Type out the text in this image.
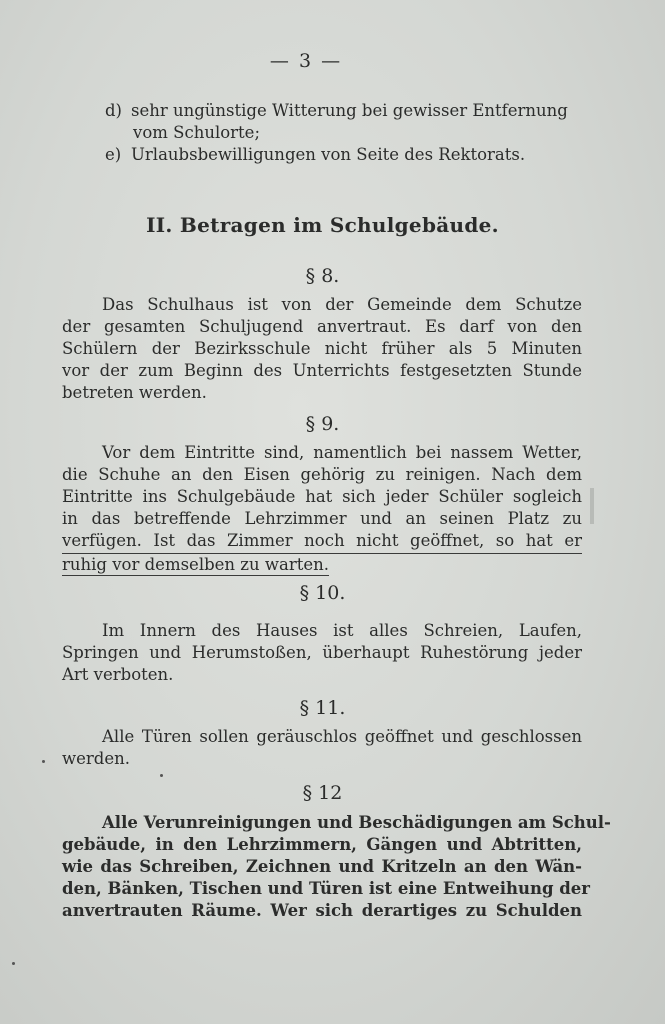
— 3 —
d) sehr ungünstige Witterung bei gewisser Entfernung
vom Schulorte;
e) Urlaubsbewilligungen von Seite des Rektorats.
II. Betragen im Schulgebäude.
§ 8.
Das Schulhaus ist von der Gemeinde dem Schutze
der gesamten Schuljugend anvertraut. Es darf von den
Schülern der Bezirksschule nicht früher als 5 Minuten
vor der zum Beginn des Unterrichts festgesetzten Stunde
betreten werden.
§ 9.
Vor dem Eintritte sind, namentlich bei nassem Wetter,
die Schuhe an den Eisen gehörig zu reinigen. Nach dem
Eintritte ins Schulgebäude hat sich jeder Schüler sogleich
in das betreffende Lehrzimmer und an seinen Platz zu
verfügen. Ist das Zimmer noch nicht geöffnet, so hat er
ruhig vor demselben zu warten.
§ 10.
Im Innern des Hauses ist alles Schreien, Laufen,
Springen und Herumstoßen, überhaupt Ruhestörung jeder
Art verboten.
§ 11.
Alle Türen sollen geräuschlos geöffnet und geschlossen
werden.
§ 12
Alle Verunreinigungen und Beschädigungen am Schul-
gebäude, in den Lehrzimmern, Gängen und Abtritten,
wie das Schreiben, Zeichnen und Kritzeln an den Wän-
den, Bänken, Tischen und Türen ist eine Entweihung der
anvertrauten Räume. Wer sich derartiges zu Schulden
